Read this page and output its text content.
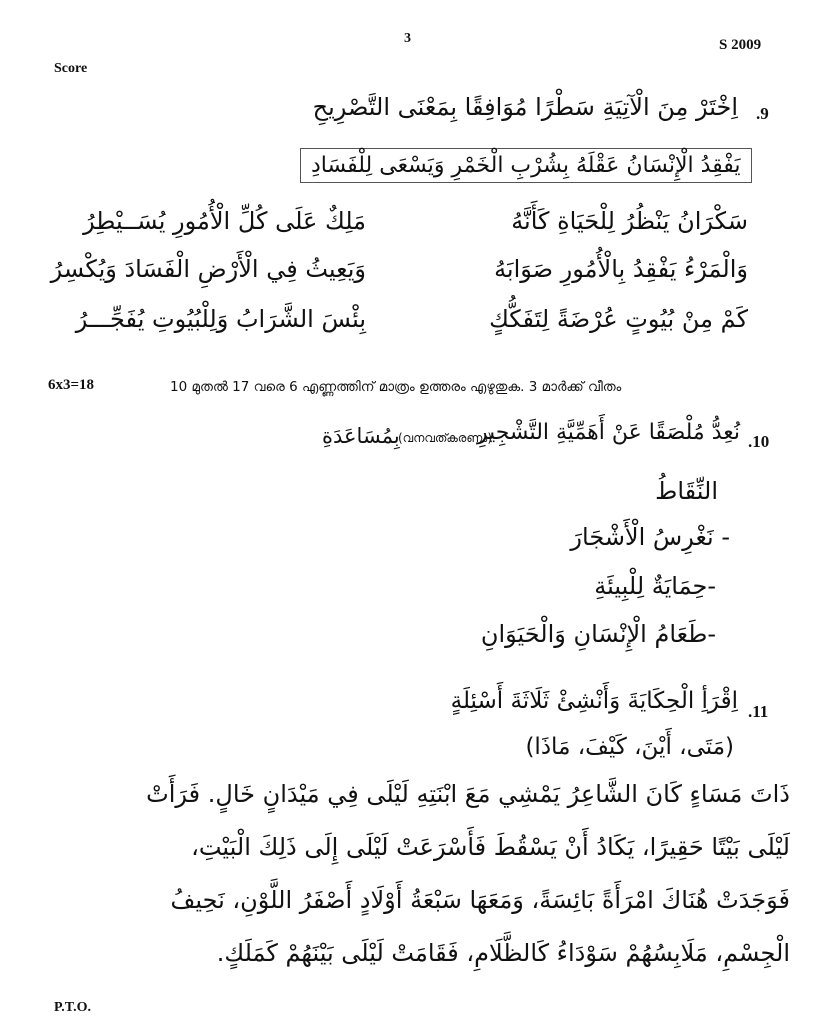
3	S 2009
Score
.9
اِخْتَرْ مِنَ الْآتِيَةِ سَطْرًا مُوَافِقًا بِمَعْنَى التَّصْرِيحِ
يَفْقِدُ الْإِنْسَانُ عَقْلَهُ بِشُرْبِ الْخَمْرِ وَيَسْعَى لِلْفَسَادِ
سَكْرَانُ يَنْظُرُ لِلْحَيَاةِ كَأَنَّهُ
مَلِكٌ عَلَى كُلِّ الْأُمُورِ يُسَــيْطِرُ
وَالْمَرْءُ يَفْقِدُ بِالْأُمُورِ صَوَابَهُ
وَيَعِيثُ فِي الْأَرْضِ الْفَسَادَ وَيُكْسِرُ
كَمْ مِنْ بُيُوتٍ عُرْضَةً لِتَفَكُّكٍ
بِئْسَ الشَّرَابُ وَلِلْبُيُوتِ يُفَجِّـــرُ
6x3=18	10 മുതൽ 17 വരെ 6 എണ്ണത്തിന് മാത്രം ഉത്തരം എഴുതുക. 3 മാർക്ക് വീതം
.10
نُعِدُّ مُلْصَقًا عَنْ أَهَمِّيَّةِ التَّشْجِيرِ
(വനവത്കരണം)
بِمُسَاعَدَةِ
النِّقَاطُ
- نَغْرِسُ الْأَشْجَارَ
-حِمَايَةٌ لِلْبِيئَةِ
-طَعَامُ الْإِنْسَانِ وَالْحَيَوَانِ
.11
اِقْرَأِ الْحِكَايَةَ وَأَنْشِئْ ثَلَاثَةَ أَسْئِلَةٍ
(مَتَى، أَيْنَ، كَيْفَ، مَاذَا)
ذَاتَ مَسَاءٍ كَانَ الشَّاعِرُ يَمْشِي مَعَ ابْنَتِهِ لَيْلَى فِي مَيْدَانٍ خَالٍ. فَرَأَتْ
لَيْلَى بَيْتًا حَقِيرًا، يَكَادُ أَنْ يَسْقُطَ فَأَسْرَعَتْ لَيْلَى إِلَى ذَلِكَ الْبَيْتِ،
فَوَجَدَتْ هُنَاكَ امْرَأَةً بَائِسَةً، وَمَعَهَا سَبْعَةُ أَوْلَادٍ أَصْفَرُ اللَّوْنِ، نَحِيفُ
الْجِسْمِ، مَلَابِسُهُمْ سَوْدَاءُ كَالظَّلَامِ، فَقَامَتْ لَيْلَى بَيْنَهُمْ كَمَلَكٍ.
P.T.O.
